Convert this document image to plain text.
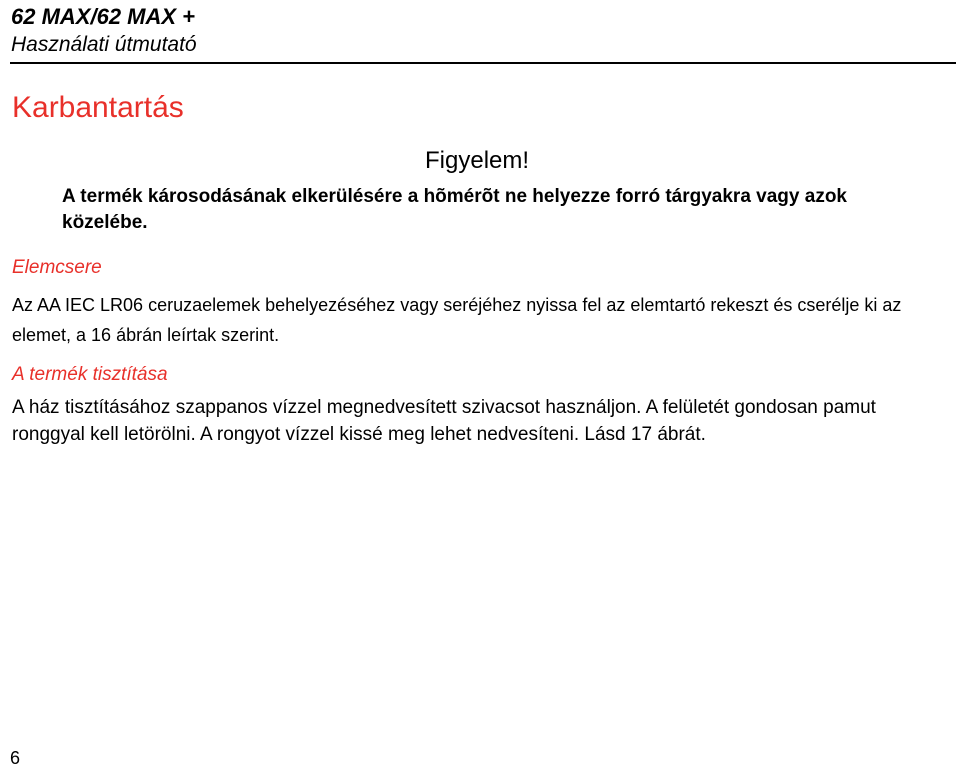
62 MAX/62 MAX +
Használati útmutató
Karbantartás
Figyelem!
A termék károsodásának elkerülésére a hõmérõt ne helyezze forró tárgyakra vagy azok közelébe.
Elemcsere
Az AA IEC LR06 ceruzaelemek behelyezéséhez vagy seréjéhez nyissa fel az elemtartó rekeszt és cserélje ki az elemet, a 16 ábrán leírtak szerint.
A termék tisztítása
A ház tisztításához szappanos vízzel megnedvesített szivacsot használjon. A felületét gondosan pamut ronggyal kell letörölni. A rongyot vízzel kissé meg lehet nedvesíteni. Lásd 17 ábrát.
6
